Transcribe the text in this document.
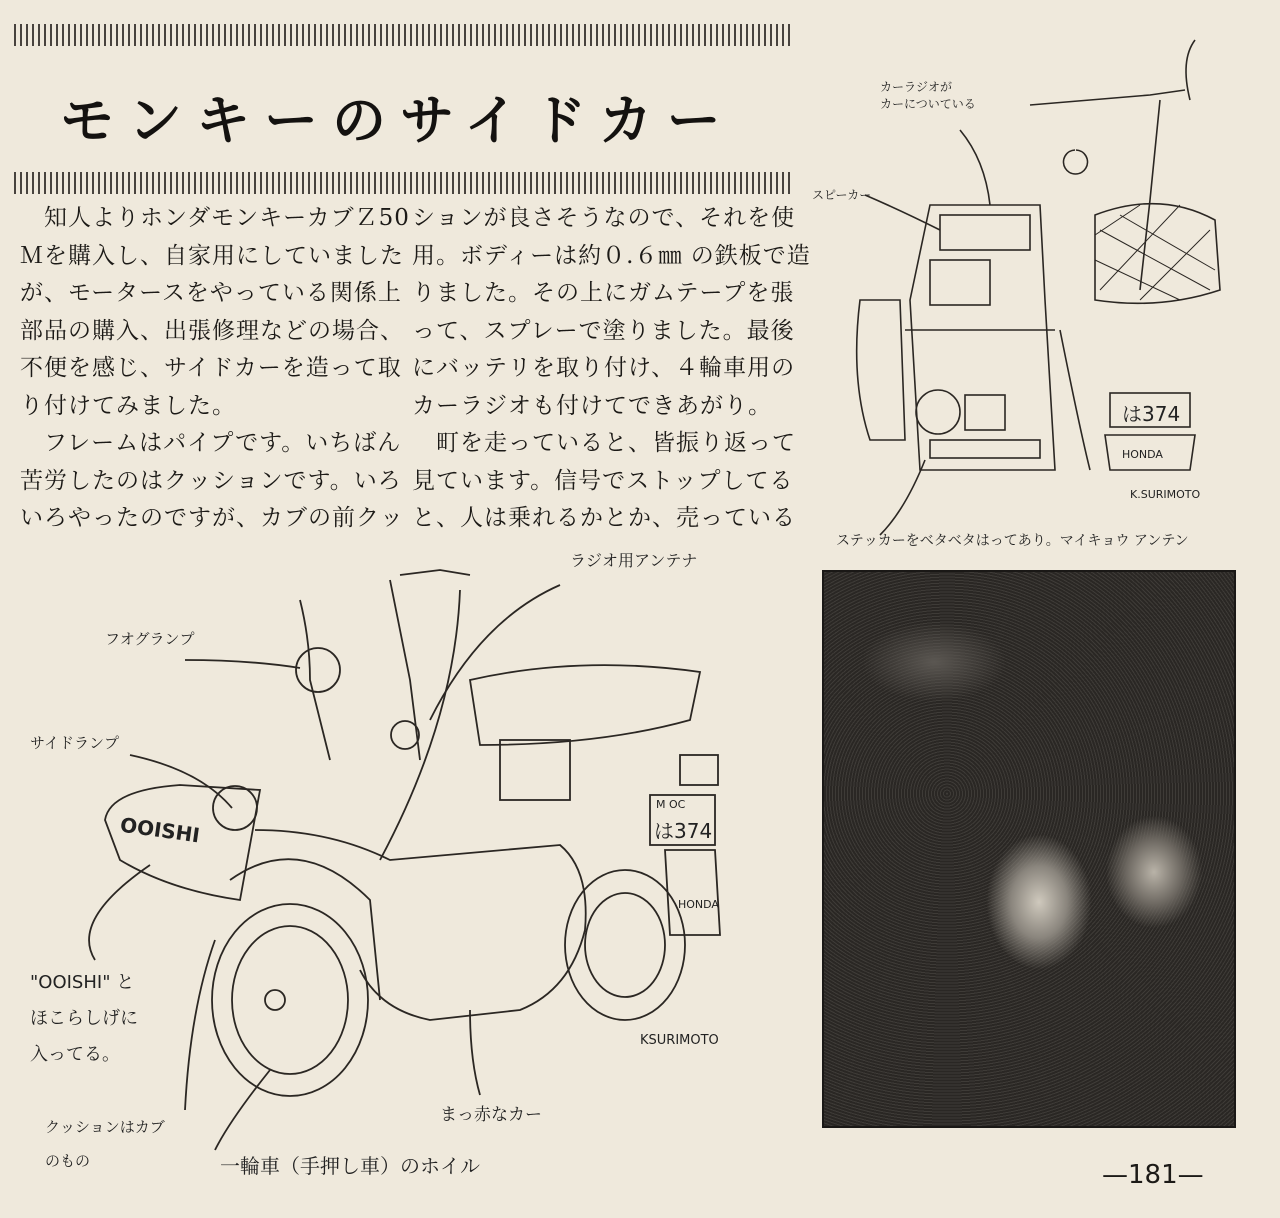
モンキーのサイドカー
　知人よりホンダモンキーカブＺ50
Ｍを購入し、自家用にしていました
が、モータースをやっている関係上
部品の購入、出張修理などの場合、
不便を感じ、サイドカーを造って取
り付けてみました。
　フレームはパイプです。いちばん
苦労したのはクッションです。いろ
いろやったのですが、カブの前クッ
ションが良さそうなので、それを使
用。ボディーは約０.６㎜ の鉄板で造
りました。その上にガムテープを張
って、スプレーで塗りました。最後
にバッテリを取り付け、４輪車用の
カーラジオも付けてできあがり。
　町を走っていると、皆振り返って
見ています。信号でストップしてる
と、人は乗れるかとか、売っている
カーラジオが
カーについている
スピーカー
は374
HONDA
K.SURIMOTO
ステッカーをベタベタはってあり。マイキョウ アンテン
フオグランプ
ラジオ用アンテナ
サイドランプ
OOISHI
M OC
は374
HONDA
"OOISHI" と
ほこらしげに
入ってる。
KSURIMOTO
まっ赤なカー
クッションはカブ
のもの	一輪車（手押し車）のホイル	—181—
